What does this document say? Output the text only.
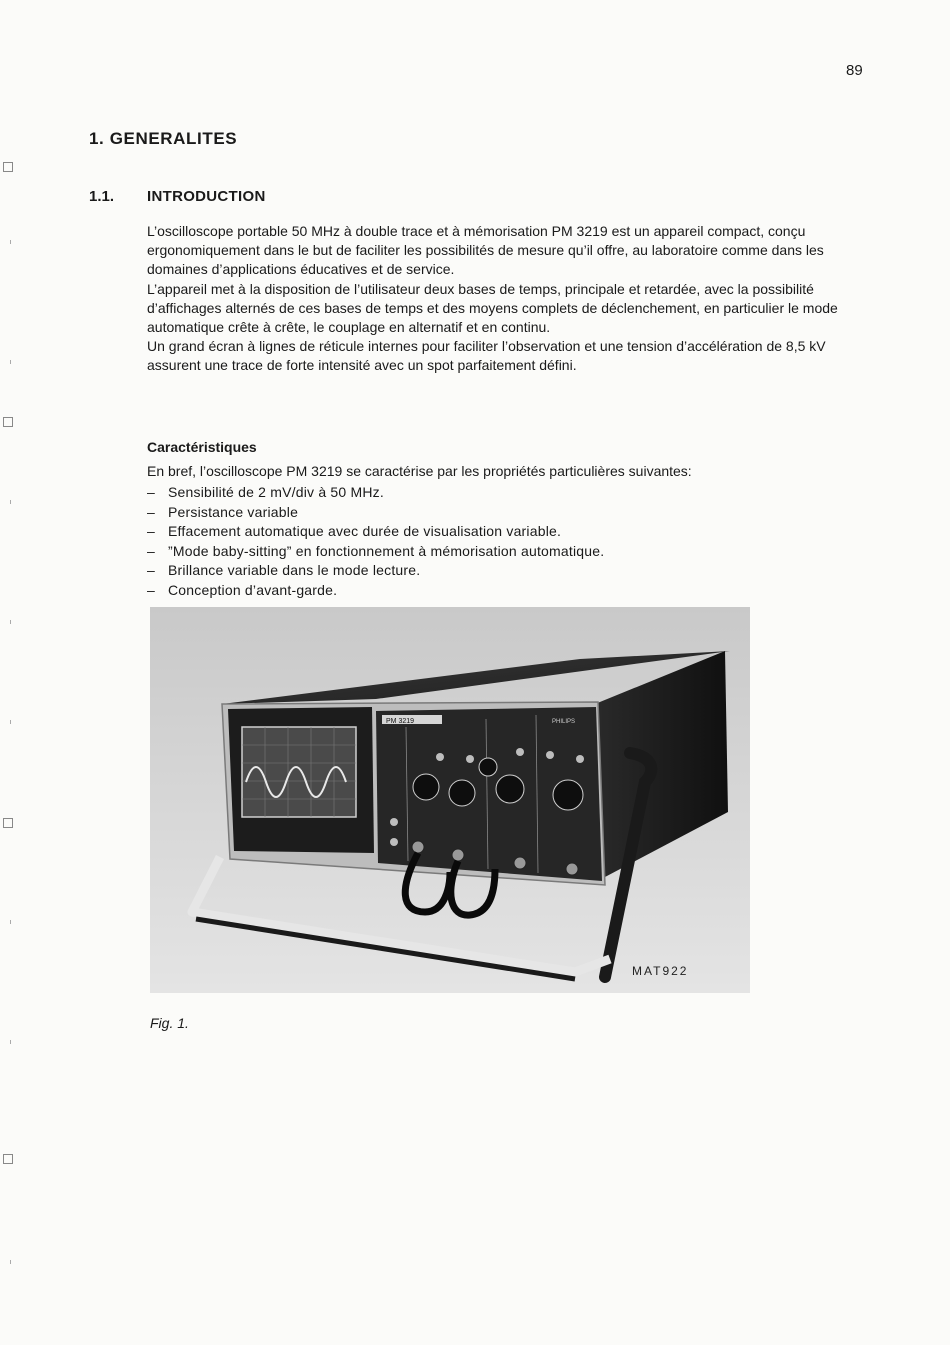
89
1. GENERALITES
1.1. INTRODUCTION

L’oscilloscope portable 50 MHz à double trace et à mémorisation PM 3219 est un appareil compact, conçu ergonomiquement dans le but de faciliter les possibilités de mesure qu’il offre, au laboratoire comme dans les domaines d’applications éducatives et de service.

L’appareil met à la disposition de l’utilisateur deux bases de temps, principale et retardée, avec la possibilité d’affichages alternés de ces bases de temps et des moyens complets de déclenchement, en particulier le mode automatique crête à crête, le couplage en alternatif et en continu.

Un grand écran à lignes de réticule internes pour faciliter l’observation et une tension d’accélération de 8,5 kV assurent une trace de forte intensité avec un spot parfaitement défini.

Caractéristiques
En bref, l’oscilloscope PM 3219 se caractérise par les propriétés particulières suivantes:
– Sensibilité de 2 mV/div à 50 MHz.
– Persistance variable
– Effacement automatique avec durée de visualisation variable.
– ”Mode baby-sitting” en fonctionnement à mémorisation automatique.
– Brillance variable dans le mode lecture.
– Conception d’avant-garde.
PM 3219	PHILIPS
MAT922
Fig. 1.
